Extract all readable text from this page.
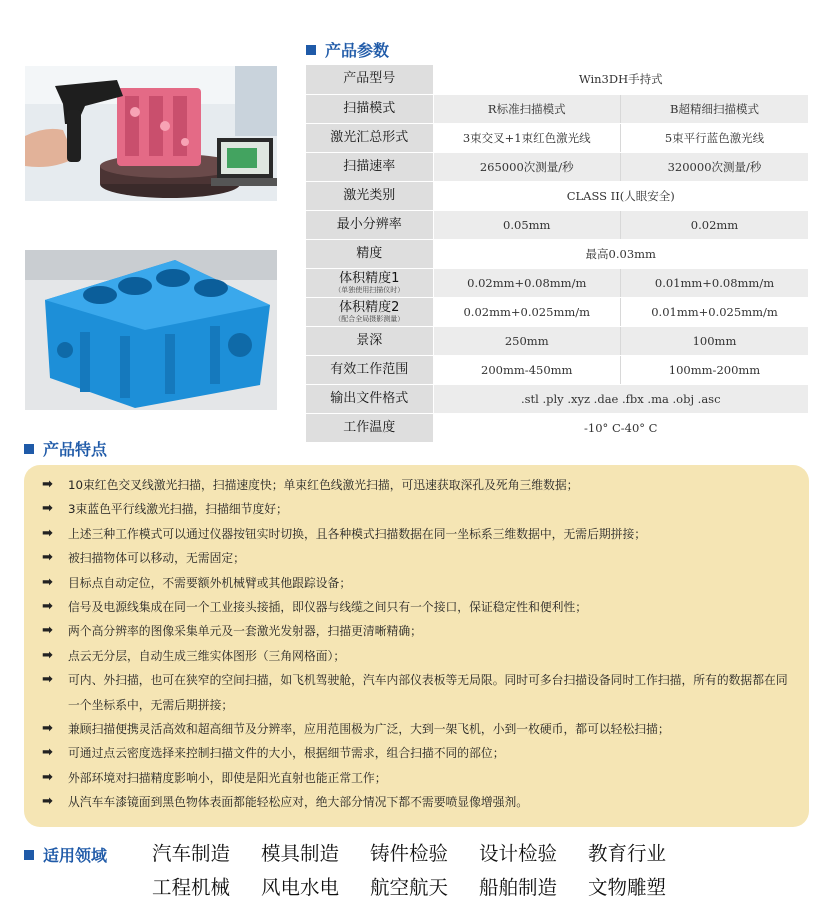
产品参数
产品型号	Win3DH手持式	

扫描模式	R标准扫描模式	B超精细扫描模式

激光汇总形式	3束交叉+1束红色激光线	5束平行蓝色激光线

扫描速率	265000次测量/秒	320000次测量/秒

激光类别	CLASS II(人眼安全)	

最小分辨率	0.05mm	0.02mm

精度	最高0.03mm	

体积精度1
（单独使用扫描仪时）	0.02mm+0.08mm/m	0.01mm+0.08mm/m

体积精度2
（配合全局摄影测量）	0.02mm+0.025mm/m	0.01mm+0.025mm/m

景深	250mm	100mm

有效工作范围	200mm-450mm	100mm-200mm

输出文件格式	.stl .ply .xyz .dae .fbx .ma .obj .asc	

工作温度	-10° C-40° C	
产品特点
➡	10束红色交叉线激光扫描，扫描速度快；单束红色线激光扫描，可迅速获取深孔及死角三维数据；
➡	3束蓝色平行线激光扫描，扫描细节度好；
➡	上述三种工作模式可以通过仪器按钮实时切换，且各种模式扫描数据在同一坐标系三维数据中，无需后期拼接；
➡	被扫描物体可以移动，无需固定；
➡	目标点自动定位，不需要额外机械臂或其他跟踪设备；
➡	信号及电源线集成在同一个工业接头接插，即仪器与线缆之间只有一个接口，保证稳定性和便利性；
➡	两个高分辨率的图像采集单元及一套激光发射器，扫描更清晰精确；
➡	点云无分层，自动生成三维实体图形（三角网格面）；
➡	可内、外扫描，也可在狭窄的空间扫描，如飞机驾驶舱，汽车内部仪表板等无局限。同时可多台扫描设备同时工作扫描，所有的数据都在同一个坐标系中，无需后期拼接；
➡	兼顾扫描便携灵活高效和超高细节及分辨率，应用范围极为广泛，大到一架飞机，小到一枚硬币，都可以轻松扫描；
➡	可通过点云密度选择来控制扫描文件的大小，根据细节需求，组合扫描不同的部位；
➡	外部环境对扫描精度影响小，即使是阳光直射也能正常工作；
➡	从汽车车漆镜面到黑色物体表面都能轻松应对，绝大部分情况下都不需要喷显像增强剂。
适用领域 汽车制造	模具制造	铸件检验	设计检验	教育行业
工程机械	风电水电	航空航天	船舶制造	文物雕塑
